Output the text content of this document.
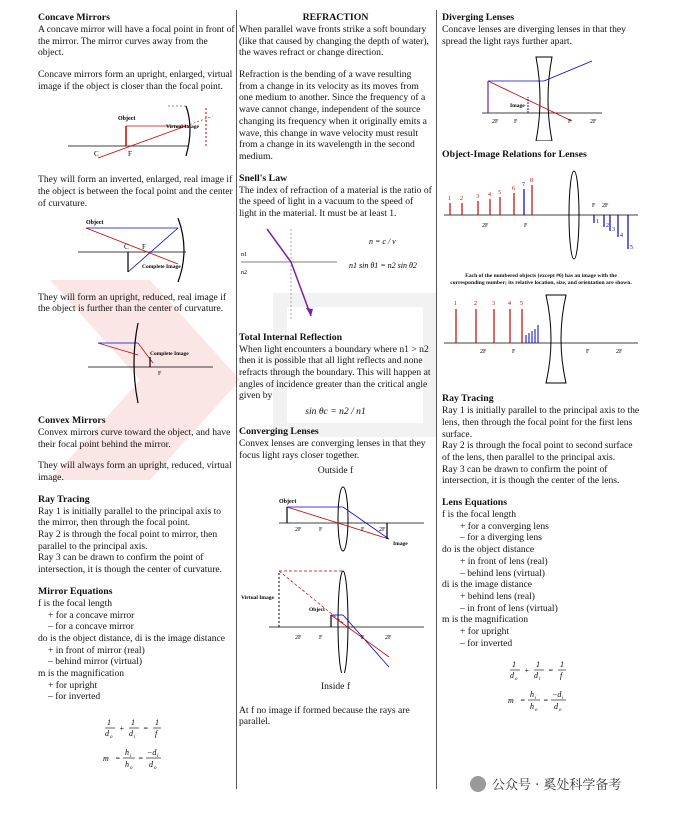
Concave Mirrors

A concave mirror will have a focal point in front of the mirror. The mirror curves away from the object.

Concave mirrors form an upright, enlarged, virtual image if the object is closer than the focal point.

Object
Virtual Image
C	F

They will form an inverted, enlarged, real image if the object is between the focal point and the center of curvature.

Object
C F
Complete Image

They will form an upright, reduced, real image if the object is further than the center of curvature.

Complete Image
F
Convex Mirrors

Convex mirrors curve toward the object, and have their focal point behind the mirror.

They will always form an upright, reduced, virtual image.

Ray Tracing
Ray 1 is initially parallel to the principal axis to the mirror, then through the focal point.
Ray 2 is through the focal point to mirror, then parallel to the principal axis.

Ray 3 can be drawn to confirm the point of intersection, it is though the center of curvature.

Mirror Equations
f is the focal length
+ for a concave mirror
– for a concave mirror
do is the object distance, di is the image distance
+ in front of mirror (real)
– behind mirror (virtual)
m is the magnification
+ for upright
– for inverted
1
d o
+
1
d i
=
1
f
m =
h i
h o
=
−d i
d o
REFRACTION

When parallel wave fronts strike a soft boundary (like that caused by changing the depth of water), the waves refract or change direction.

Refraction is the bending of a wave resulting from a change in its velocity as its moves from one medium to another. Since the frequency of a wave cannot change, independent of the source changing its frequency when it originally emits a wave, this change in wave velocity must result from a change in its wavelength in the second medium.

Snell's Law

The index of refraction of a material is the ratio of the speed of light in a vacuum to the speed of light in the material. It must be at least 1.

n1
n2
n = c / v
n1 sin θ1 = n2 sin θ2
Total Internal Reflection

When light encounters a boundary where n1 > n2 then it is possible that all light reflects and none refracts through the boundary. This will happen at angles of incidence greater than the critical angle given by

sin θc = n2 / n1
Converging Lenses

Convex lenses are converging lenses in that they focus light rays closer together.

Outside f
Object
2F	F	F 2F
Image
Virtual Image
Object
2F	F	F	2F
Inside f

At f no image if formed because the rays are parallel.

Diverging Lenses

Concave lenses are diverging lenses in that they spread the light rays further apart.

Image
2F	F	F	2F
Object-Image Relations for Lenses
2F	F
F 2F
1 2 3 4 5
6
7
8
1
2
3
4
5
Each of the numbered objects (except #6) has an image with the corresponding number; its relative location, size, and orientation are shown.
2F	F	F	2F
1	2	3 4 5
Ray Tracing
Ray 1 is initially parallel to the principal axis to the lens, then through the focal point for the first lens surface.
Ray 2 is through the focal point to second surface of the lens, then parallel to the principal axis.

Ray 3 can be drawn to confirm the point of intersection, it is though the center of the lens.

Lens Equations
f is the focal length
+ for a converging lens
– for a diverging lens
do is the object distance
+ in front of lens (real)
– behind lens (virtual)
di is the image distance
+ behind lens (real)
– in front of lens (virtual)
m is the magnification
+ for upright
– for inverted
1
d o
+
1
d i
=
1
f
m =
h i
h o
=
−d i
d o
公众号 · 奚处科学备考
